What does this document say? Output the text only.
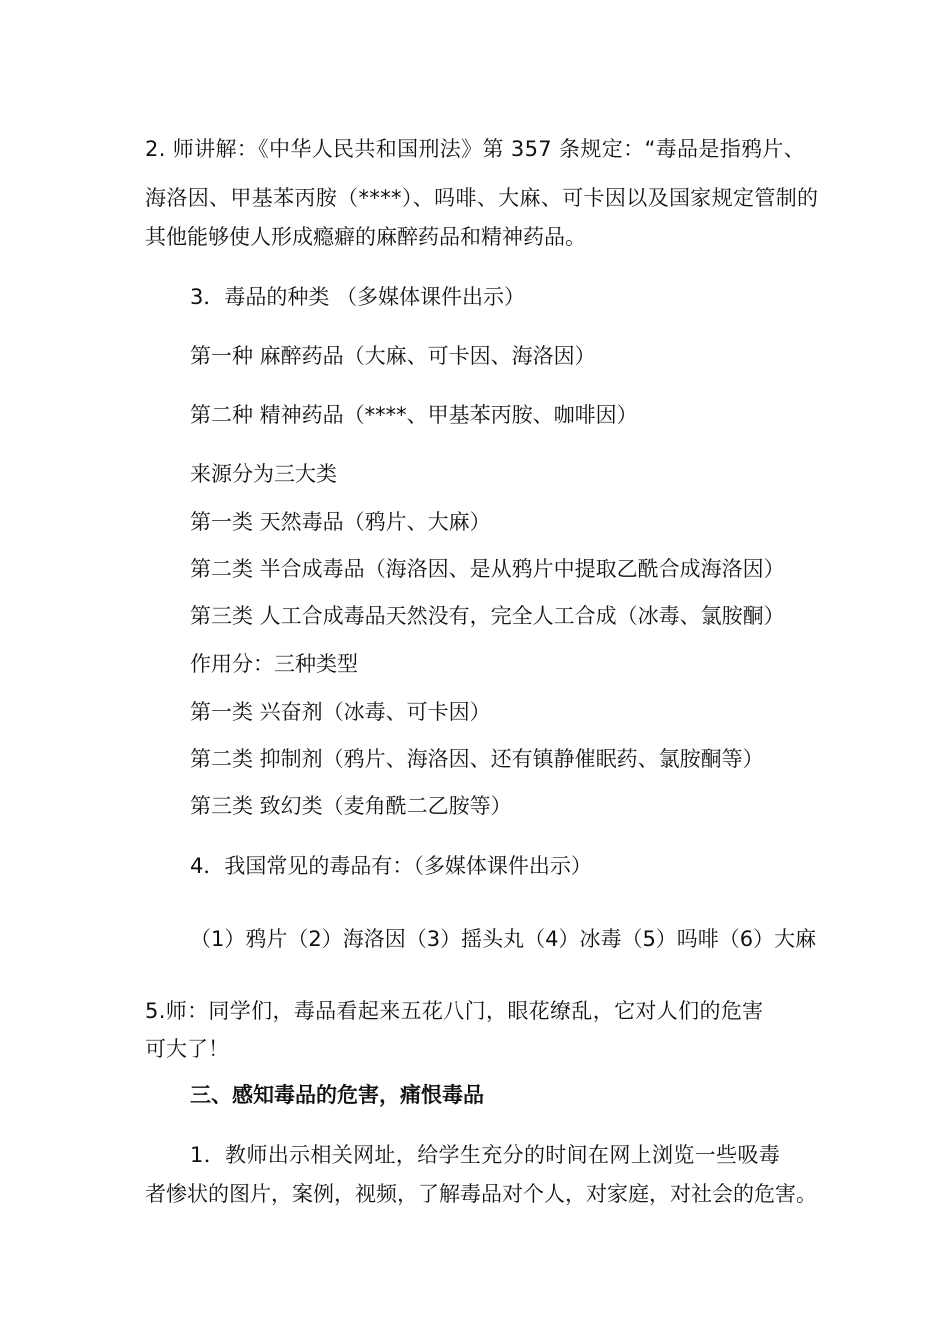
2. 师讲解：《中华人民共和国刑法》第 357 条规定：“毒品是指鸦片、
海洛因、甲基苯丙胺（****）、吗啡、大麻、可卡因以及国家规定管制的
其他能够使人形成瘾癖的麻醉药品和精神药品。
3．毒品的种类 （多媒体课件出示）
第一种 麻醉药品（大麻、可卡因、海洛因）
第二种 精神药品（****、甲基苯丙胺、咖啡因）
来源分为三大类
第一类 天然毒品（鸦片、大麻）
第二类 半合成毒品（海洛因、是从鸦片中提取乙酰合成海洛因）
第三类 人工合成毒品天然没有，完全人工合成（冰毒、氯胺酮）
作用分：三种类型
第一类 兴奋剂（冰毒、可卡因）
第二类 抑制剂（鸦片、海洛因、还有镇静催眠药、氯胺酮等）
第三类 致幻类（麦角酰二乙胺等）
4．我国常见的毒品有：（多媒体课件出示）
（1）鸦片（2）海洛因（3）摇头丸（4）冰毒（5）吗啡（6）大麻
5.师：同学们，毒品看起来五花八门，眼花缭乱，它对人们的危害
可大了！
三、感知毒品的危害，痛恨毒品
1．教师出示相关网址，给学生充分的时间在网上浏览一些吸毒
者惨状的图片，案例，视频，了解毒品对个人，对家庭，对社会的危害。
